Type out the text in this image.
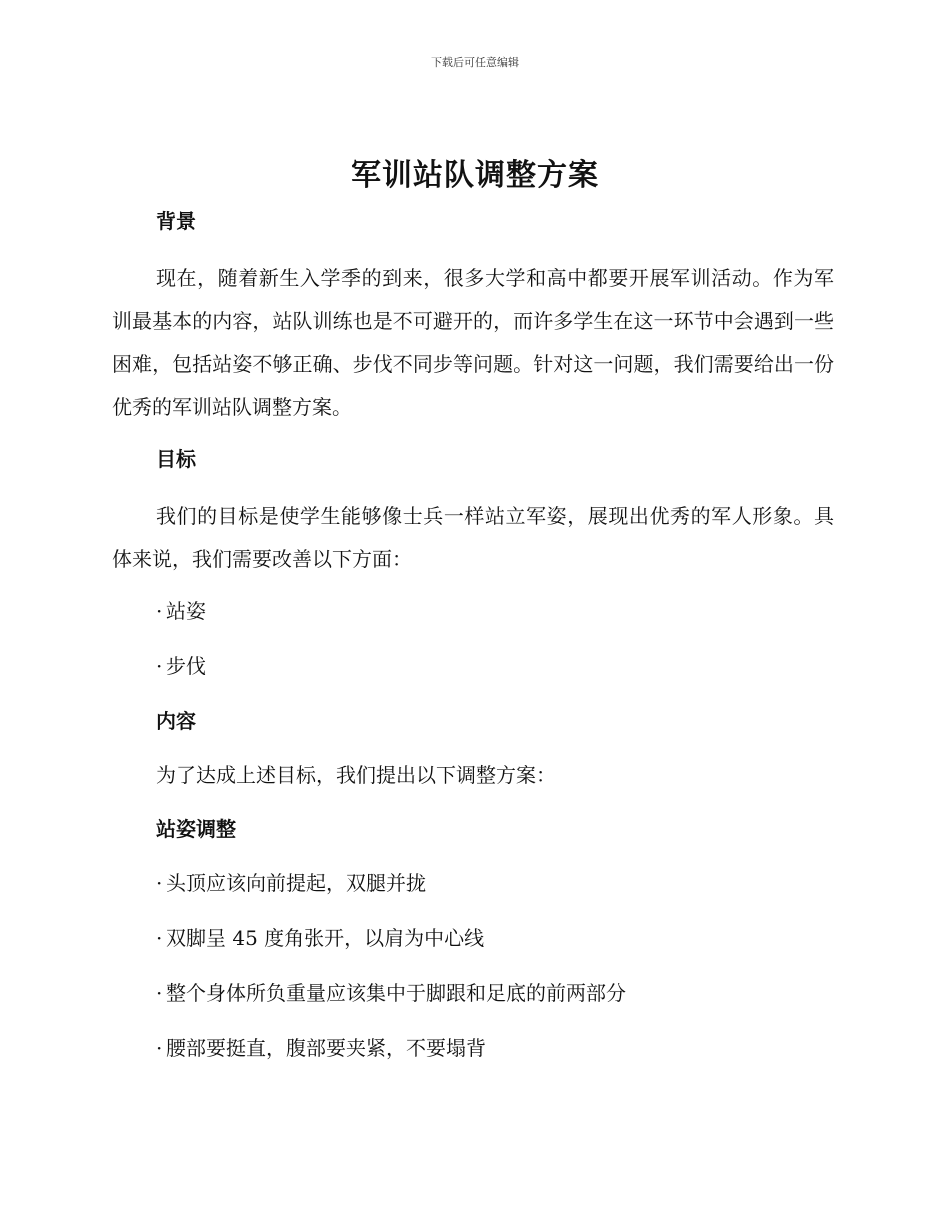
下载后可任意编辑
军训站队调整方案
背景

现在，随着新生入学季的到来，很多大学和高中都要开展军训活动。作为军训最基本的内容，站队训练也是不可避开的，而许多学生在这一环节中会遇到一些困难，包括站姿不够正确、步伐不同步等问题。针对这一问题，我们需要给出一份优秀的军训站队调整方案。

目标

我们的目标是使学生能够像士兵一样站立军姿，展现出优秀的军人形象。具体来说，我们需要改善以下方面：

· 站姿
· 步伐
内容
为了达成上述目标，我们提出以下调整方案：
站姿调整
· 头顶应该向前提起，双腿并拢
· 双脚呈 45 度角张开，以肩为中心线
· 整个身体所负重量应该集中于脚跟和足底的前两部分
· 腰部要挺直，腹部要夹紧，不要塌背
